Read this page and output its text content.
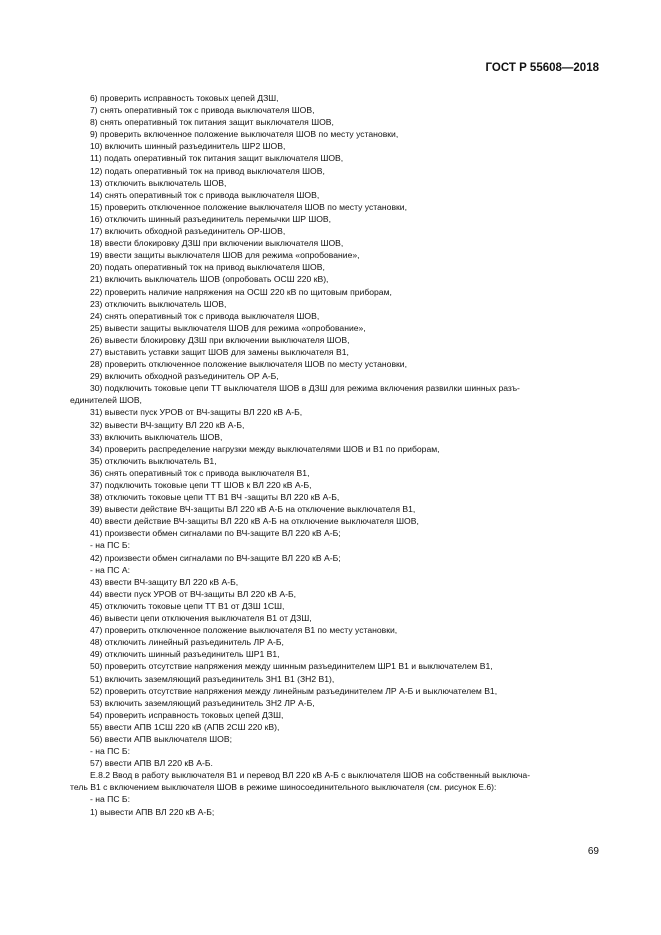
ГОСТ Р 55608—2018
6) проверить исправность токовых цепей ДЗШ,
7) снять оперативный ток с привода выключателя ШОВ,
8) снять оперативный ток питания защит выключателя ШОВ,
9) проверить включенное положение выключателя ШОВ по месту установки,
10) включить шинный разъединитель ШР2 ШОВ,
11) подать оперативный ток питания защит выключателя ШОВ,
12) подать оперативный ток на привод выключателя ШОВ,
13) отключить выключатель ШОВ,
14) снять оперативный ток с привода выключателя ШОВ,
15) проверить отключенное положение выключателя ШОВ по месту установки,
16) отключить шинный разъединитель перемычки ШР ШОВ,
17) включить обходной разъединитель ОР-ШОВ,
18) ввести блокировку ДЗШ при включении выключателя ШОВ,
19) ввести защиты выключателя ШОВ для режима «опробование»,
20) подать оперативный ток на привод выключателя ШОВ,
21) включить выключатель ШОВ (опробовать ОСШ 220 кВ),
22) проверить наличие напряжения на ОСШ 220 кВ по щитовым приборам,
23) отключить выключатель ШОВ,
24) снять оперативный ток с привода выключателя ШОВ,
25) вывести защиты выключателя ШОВ для режима «опробование»,
26) вывести блокировку ДЗШ при включении выключателя ШОВ,
27) выставить уставки защит ШОВ для замены выключателя В1,
28) проверить отключенное положение выключателя ШОВ по месту установки,
29) включить обходной разъединитель ОР А-Б,
30) подключить токовые цепи ТТ выключателя ШОВ в ДЗШ для режима включения развилки шинных разъ-
единителей ШОВ,
31) вывести пуск УРОВ от ВЧ-защиты ВЛ 220 кВ А-Б,
32) вывести ВЧ-защиту ВЛ 220 кВ А-Б,
33) включить выключатель ШОВ,
34) проверить распределение нагрузки между выключателями ШОВ и В1 по приборам,
35) отключить выключатель В1,
36) снять оперативный ток с привода выключателя В1,
37) подключить токовые цепи ТТ ШОВ к ВЛ 220 кВ А-Б,
38) отключить токовые цепи ТТ В1 ВЧ -защиты ВЛ 220 кВ А-Б,
39) вывести действие ВЧ-защиты ВЛ 220 кВ А-Б на отключение выключателя В1,
40) ввести действие ВЧ-защиты ВЛ 220 кВ А-Б на отключение выключателя ШОВ,
41) произвести обмен сигналами по ВЧ-защите ВЛ 220 кВ А-Б;
- на ПС Б:
42) произвести обмен сигналами по ВЧ-защите ВЛ 220 кВ А-Б;
- на ПС А:
43) ввести ВЧ-защиту ВЛ 220 кВ А-Б,
44) ввести пуск УРОВ от ВЧ-защиты ВЛ 220 кВ А-Б,
45) отключить токовые цепи ТТ В1 от ДЗШ 1СШ,
46) вывести цепи отключения выключателя В1 от ДЗШ,
47) проверить отключенное положение выключателя В1 по месту установки,
48) отключить линейный разъединитель ЛР А-Б,
49) отключить шинный разъединитель ШР1 В1,
50) проверить отсутствие напряжения между шинным разъединителем ШР1 В1 и выключателем В1,
51) включить заземляющий разъединитель ЗН1 В1 (ЗН2 В1),
52) проверить отсутствие напряжения между линейным разъединителем ЛР А-Б и выключателем В1,
53) включить заземляющий разъединитель ЗН2 ЛР А-Б,
54) проверить исправность токовых цепей ДЗШ,
55) ввести АПВ 1СШ 220 кВ (АПВ 2СШ 220 кВ),
56) ввести АПВ выключателя ШОВ;
- на ПС Б:
57) ввести АПВ ВЛ 220 кВ А-Б.
Е.8.2 Ввод в работу выключателя В1 и перевод ВЛ 220 кВ А-Б с выключателя ШОВ на собственный выключа-
тель В1 с включением выключателя ШОВ в режиме шиносоединительного выключателя (см. рисунок Е.6):
- на ПС Б:
1) вывести АПВ ВЛ 220 кВ А-Б;
69
